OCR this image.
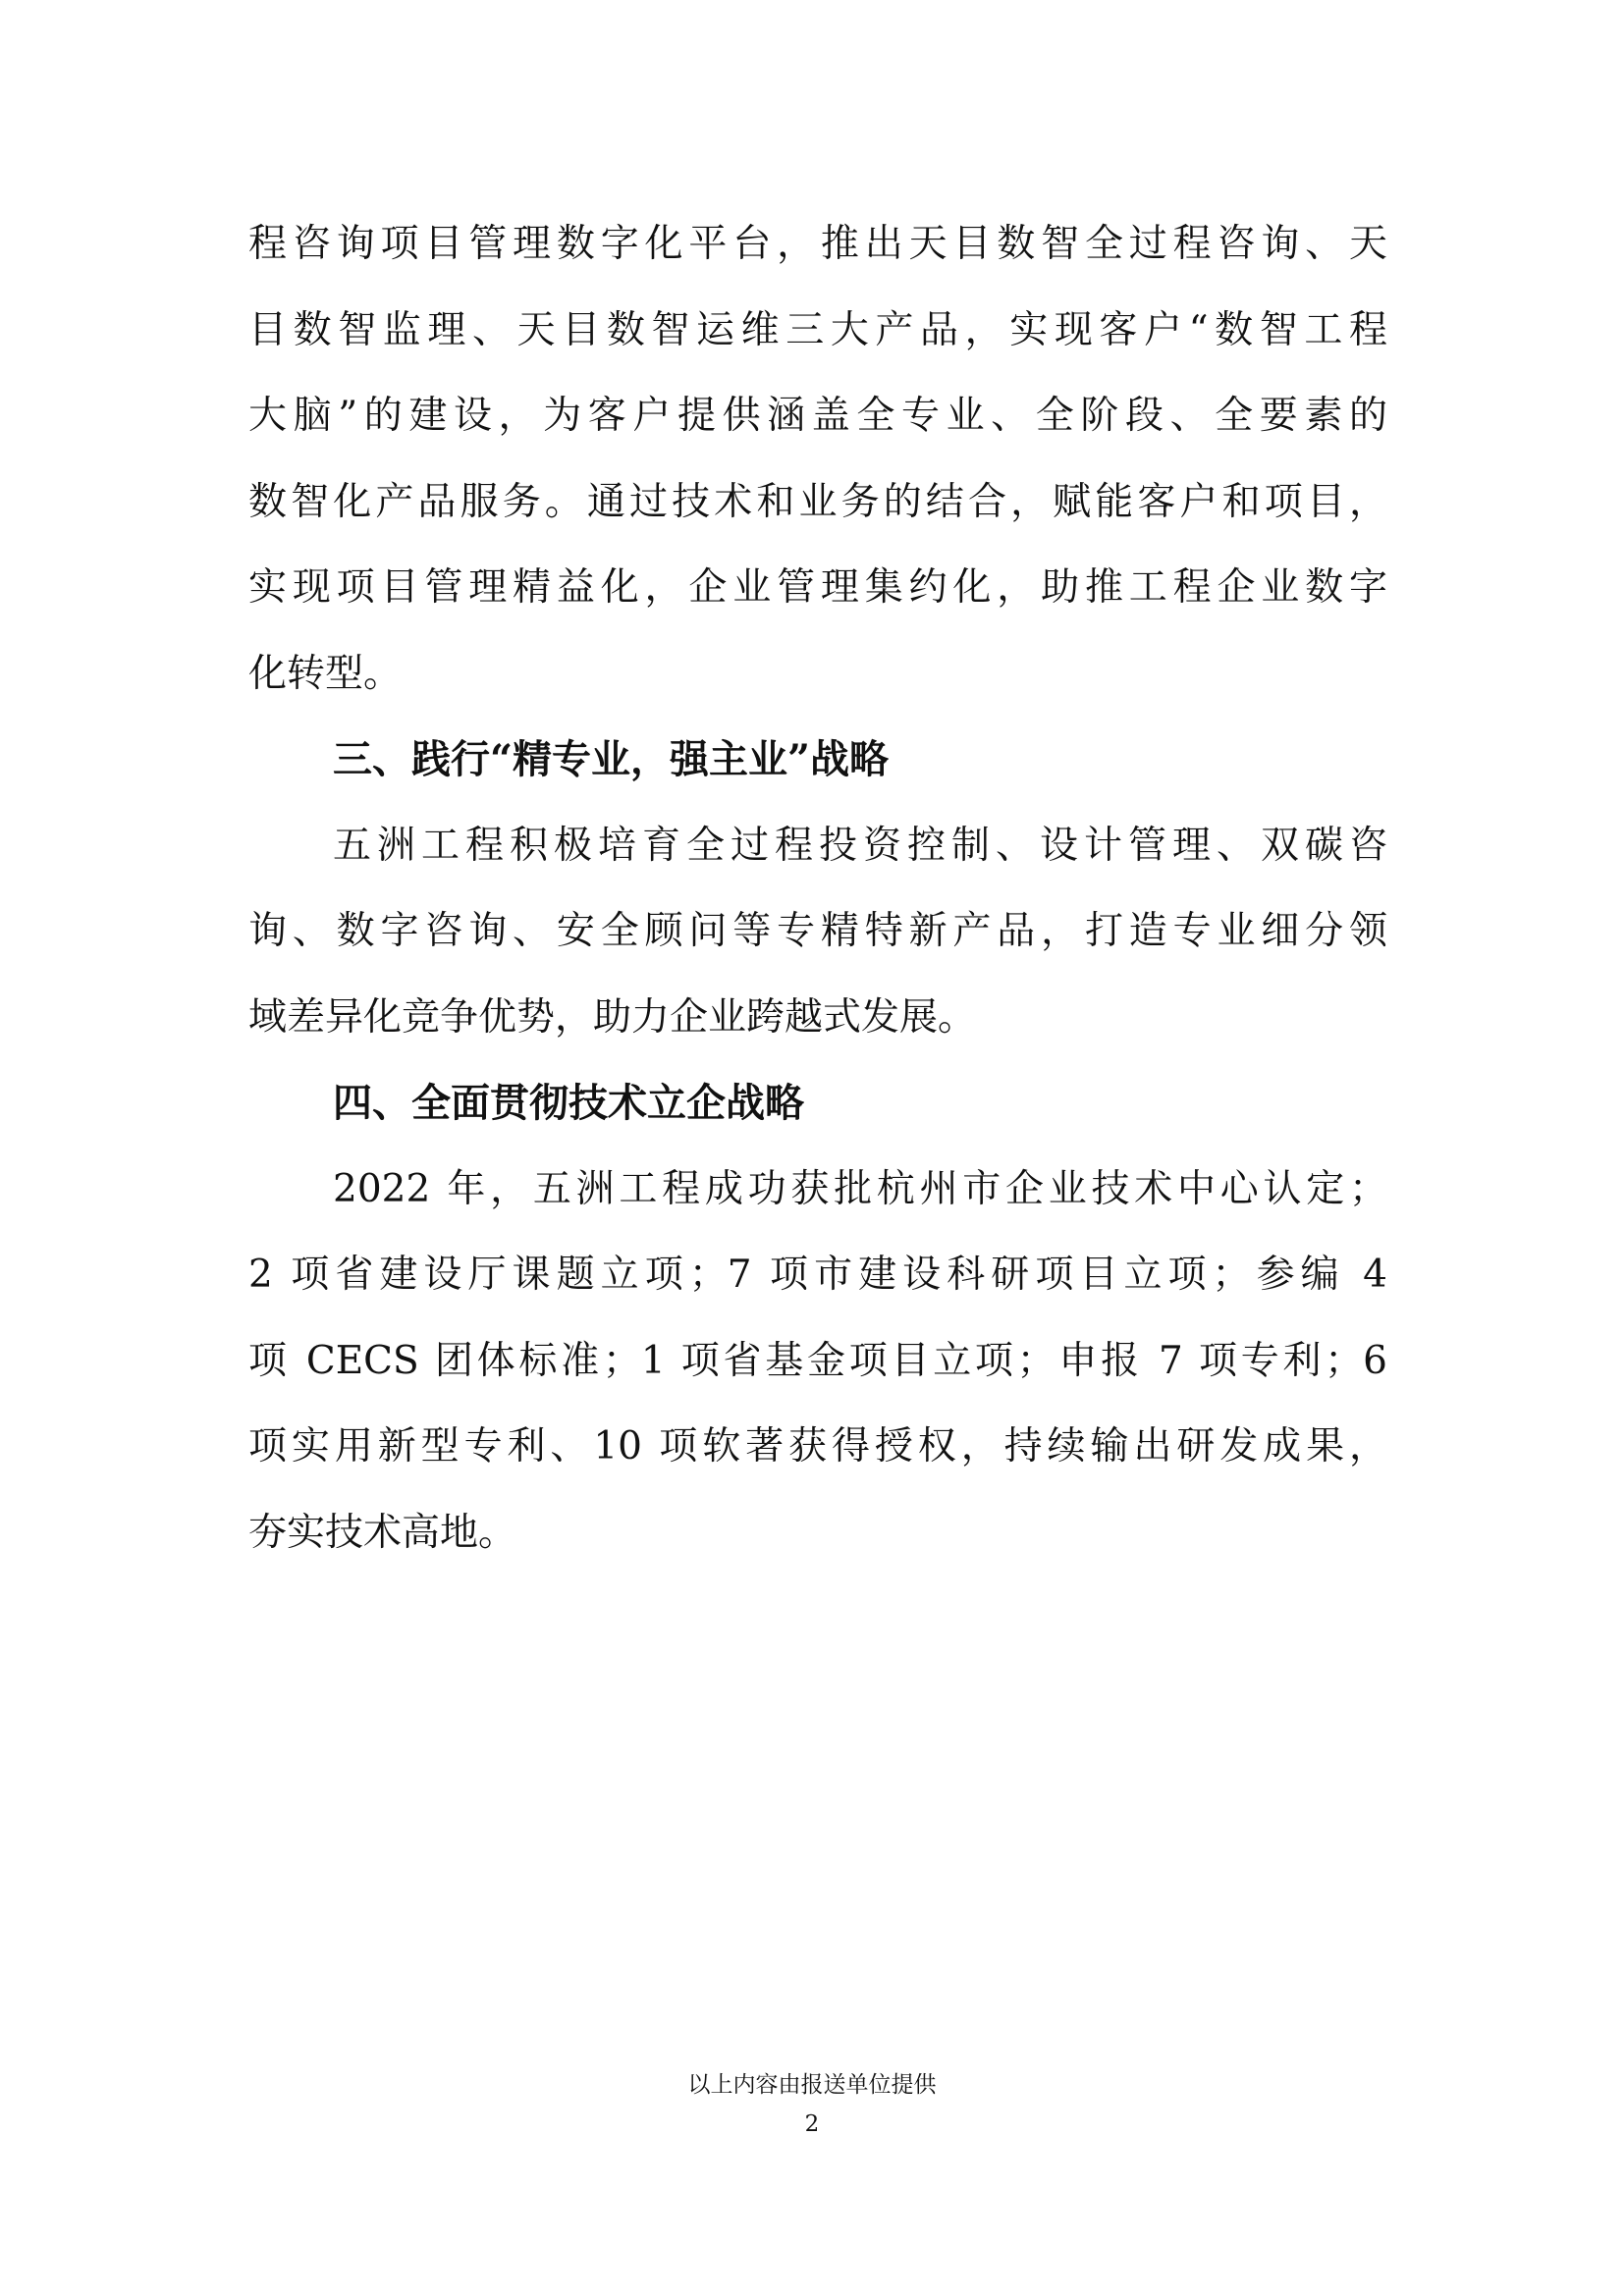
程咨询项目管理数字化平台，推出天目数智全过程咨询、天
目数智监理、天目数智运维三大产品，实现客户“数智工程
大脑”的建设，为客户提供涵盖全专业、全阶段、全要素的
数智化产品服务。通过技术和业务的结合，赋能客户和项目，
实现项目管理精益化，企业管理集约化，助推工程企业数字
化转型。
三、践行“精专业，强主业”战略
五洲工程积极培育全过程投资控制、设计管理、双碳咨
询、数字咨询、安全顾问等专精特新产品，打造专业细分领
域差异化竞争优势，助力企业跨越式发展。
四、全面贯彻技术立企战略
2022 年，五洲工程成功获批杭州市企业技术中心认定；
2 项省建设厅课题立项；7 项市建设科研项目立项；参编 4
项 CECS 团体标准；1 项省基金项目立项；申报 7 项专利；6
项实用新型专利、10 项软著获得授权，持续输出研发成果，
夯实技术高地。
以上内容由报送单位提供
2
